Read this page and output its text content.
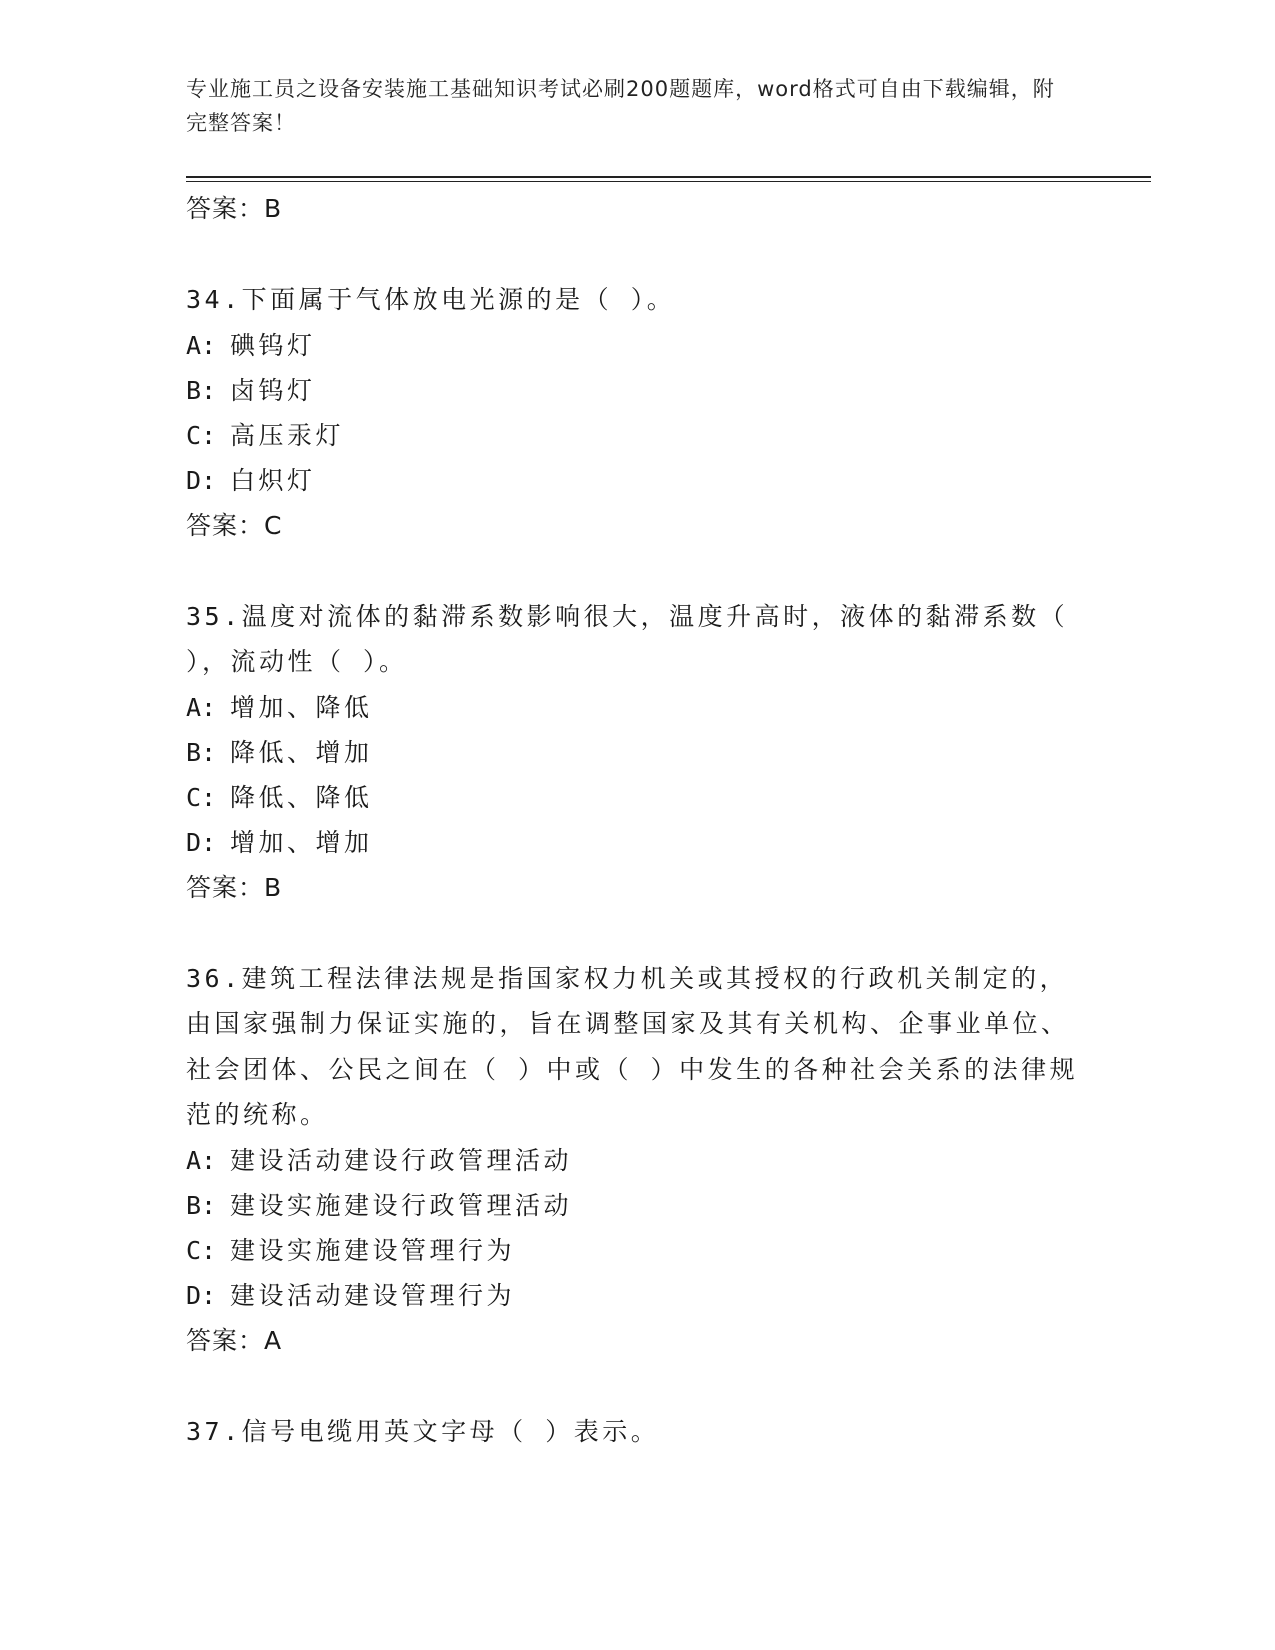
专业施工员之设备安装施工基础知识考试必刷200题题库，word格式可自由下载编辑，附完整答案！
答案：B
34.下面属于气体放电光源的是（ ）。
A: 碘钨灯
B: 卤钨灯
C: 高压汞灯
D: 白炽灯
答案：C
35.温度对流体的黏滞系数影响很大，温度升高时，液体的黏滞系数（ ），流动性（ ）。
A: 增加、降低
B: 降低、增加
C: 降低、降低
D: 增加、增加
答案：B
36.建筑工程法律法规是指国家权力机关或其授权的行政机关制定的，由国家强制力保证实施的，旨在调整国家及其有关机构、企事业单位、社会团体、公民之间在（ ）中或（ ）中发生的各种社会关系的法律规范的统称。
A: 建设活动建设行政管理活动
B: 建设实施建设行政管理活动
C: 建设实施建设管理行为
D: 建设活动建设管理行为
答案：A
37.信号电缆用英文字母（ ）表示。
